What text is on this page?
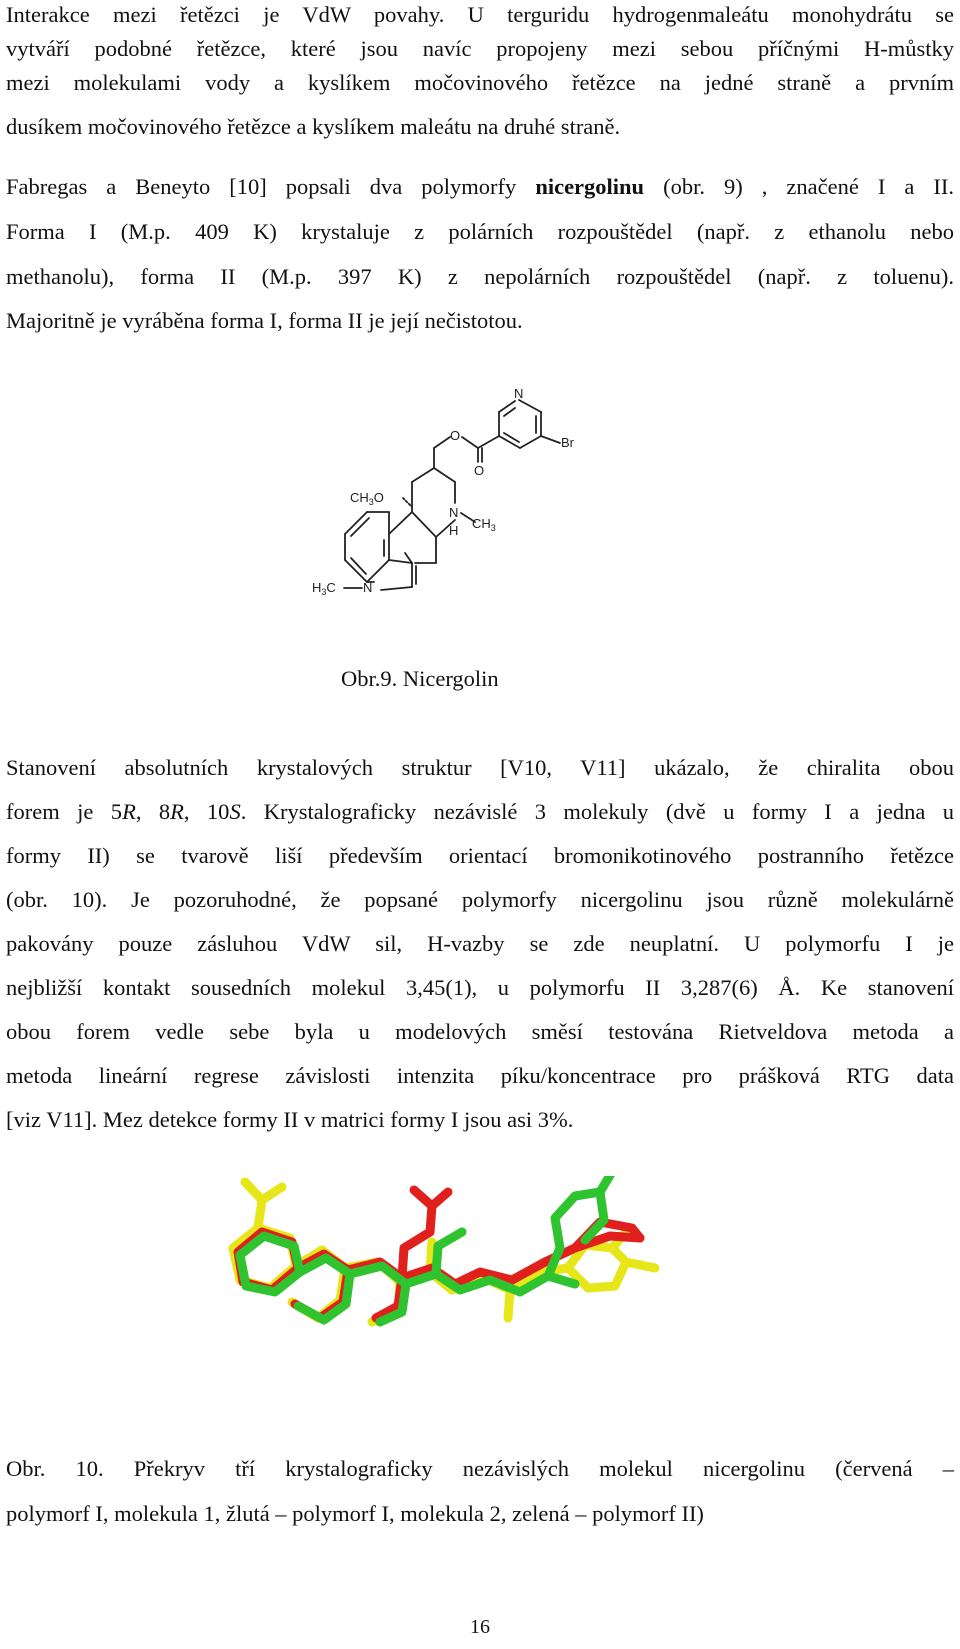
Interakce mezi řetězci je VdW povahy. U terguridu hydrogenmaleátu monohydrátu se
vytváří podobné řetězce, které jsou navíc propojeny mezi sebou příčnými H-můstky
mezi molekulami vody a kyslíkem močovinového řetězce na jedné straně a prvním
dusíkem močovinového řetězce a kyslíkem maleátu na druhé straně.
Fabregas a Beneyto [10] popsali dva polymorfy nicergolinu (obr. 9) , značené I a II.
Forma I (M.p. 409 K) krystaluje z polárních rozpouštědel (např. z ethanolu nebo
methanolu), forma II (M.p. 397 K) z nepolárních rozpouštědel (např. z toluenu).
Majoritně je vyráběna forma I, forma II je její nečistotou.
N
Br
O
O
$CH_3O$
N
H $CH_3$
$H_3C$ N
Obr.9. Nicergolin
Stanovení absolutních krystalových struktur [V10, V11] ukázalo, že chiralita obou
forem je 5R, 8R, 10S. Krystalograficky nezávislé 3 molekuly (dvě u formy I a jedna u
formy II) se tvarově liší především orientací bromonikotinového postranního řetězce
(obr. 10). Je pozoruhodné, že popsané polymorfy nicergolinu jsou různě molekulárně
pakovány pouze zásluhou VdW sil, H-vazby se zde neuplatní. U polymorfu I je
nejbližší kontakt sousedních molekul 3,45(1), u polymorfu II 3,287(6) Å. Ke stanovení
obou forem vedle sebe byla u modelových směsí testována Rietveldova metoda a
metoda lineární regrese závislosti intenzita píku/koncentrace pro prášková RTG data
[viz V11]. Mez detekce formy II v matrici formy I jsou asi 3%.
Obr. 10. Překryv tří krystalograficky nezávislých molekul nicergolinu (červená –
polymorf I, molekula 1, žlutá – polymorf I, molekula 2, zelená – polymorf II)
16
